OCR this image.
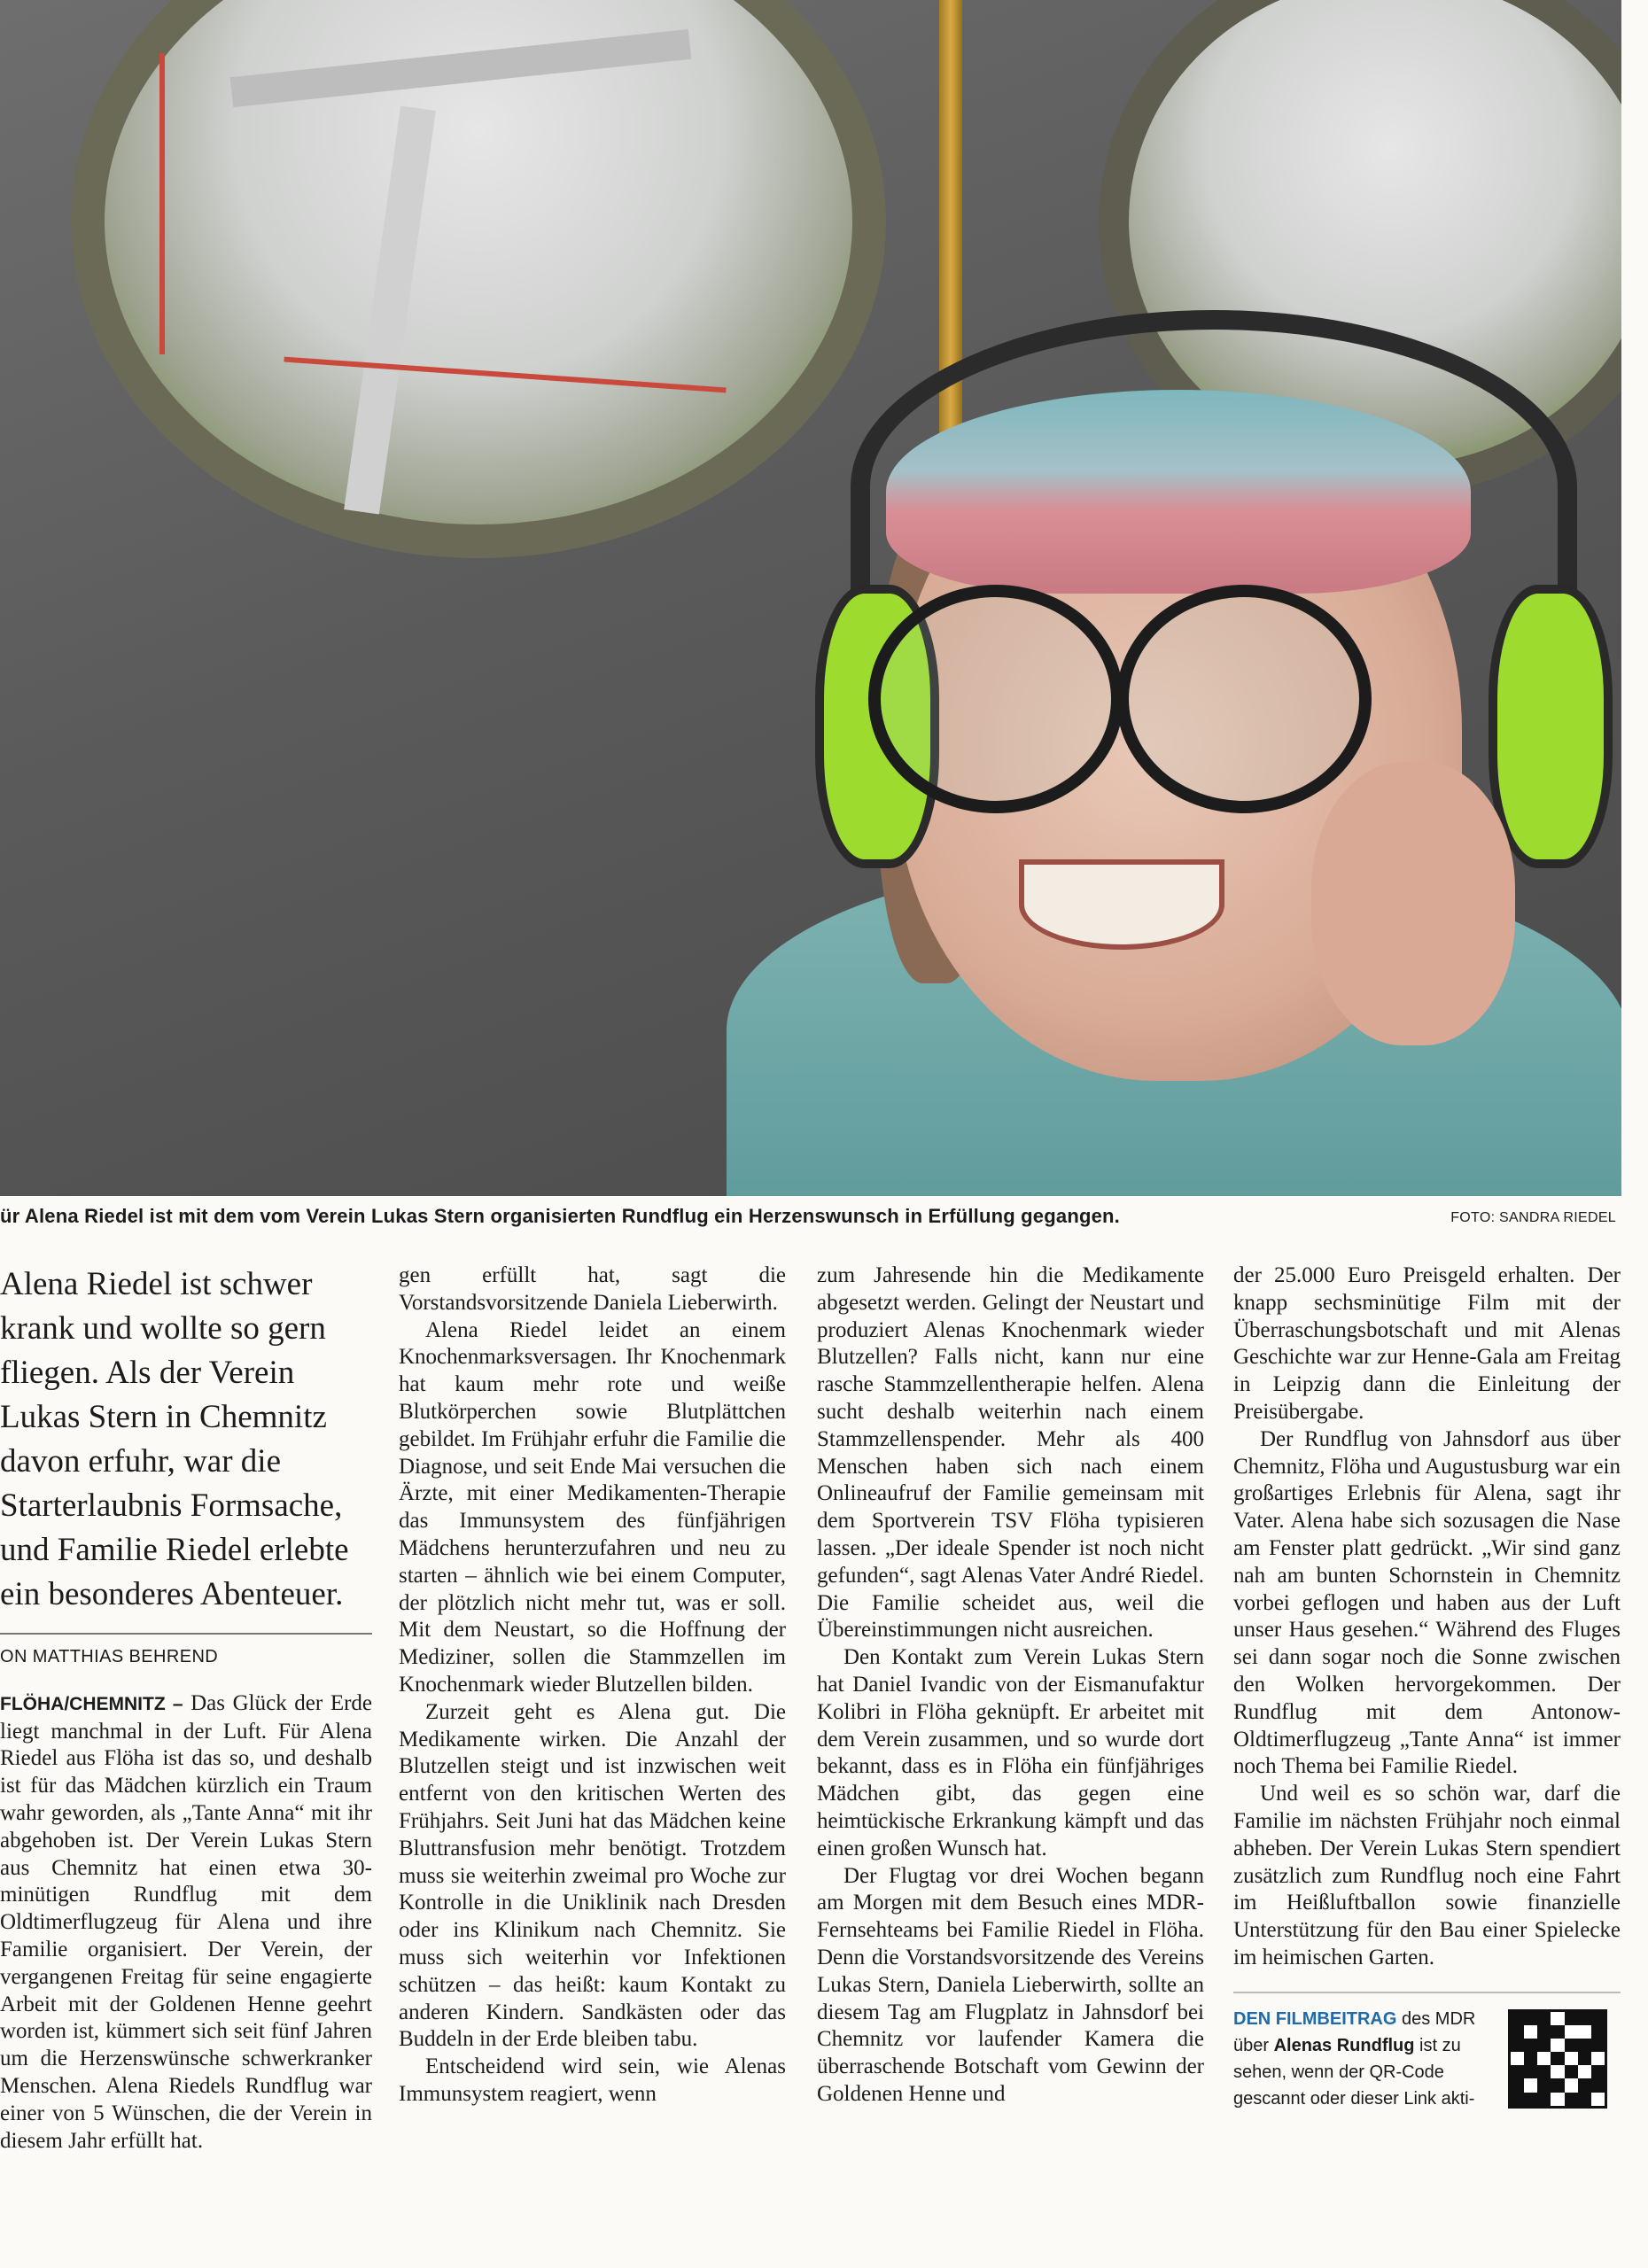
ür Alena Riedel ist mit dem vom Verein Lukas Stern organisierten Rundflug ein Herzenswunsch in Erfüllung gegangen.	FOTO: SANDRA RIEDEL
Alena Riedel ist schwer
krank und wollte so gern
fliegen. Als der Verein
Lukas Stern in Chemnitz
davon erfuhr, war die
Starterlaubnis Formsache,
und Familie Riedel erlebte
ein besonderes Abenteuer.
ON MATTHIAS BEHREND

FLÖHA/CHEMNITZ – Das Glück der Erde liegt manchmal in der Luft. Für Alena Riedel aus Flöha ist das so, und deshalb ist für das Mädchen kürzlich ein Traum wahr geworden, als „Tante Anna“ mit ihr abgehoben ist. Der Verein Lukas Stern aus Chemnitz hat einen etwa 30-minütigen Rundflug mit dem Oldtimerflugzeug für Alena und ihre Familie organisiert. Der Verein, der vergangenen Freitag für seine engagierte Arbeit mit der Goldenen Henne geehrt worden ist, kümmert sich seit fünf Jahren um die Herzenswünsche schwerkranker Menschen. Alena Riedels Rundflug war einer von 5 Wünschen, die der Verein in diesem Jahr erfüllt hat.

gen erfüllt hat, sagt die Vorstandsvorsitzende Daniela Lieberwirth.

Alena Riedel leidet an einem Knochenmarksversagen. Ihr Knochenmark hat kaum mehr rote und weiße Blutkörperchen sowie Blutplättchen gebildet. Im Frühjahr erfuhr die Familie die Diagnose, und seit Ende Mai versuchen die Ärzte, mit einer Medikamenten-Therapie das Immunsystem des fünfjährigen Mädchens herunterzufahren und neu zu starten – ähnlich wie bei einem Computer, der plötzlich nicht mehr tut, was er soll. Mit dem Neustart, so die Hoffnung der Mediziner, sollen die Stammzellen im Knochenmark wieder Blutzellen bilden.

Zurzeit geht es Alena gut. Die Medikamente wirken. Die Anzahl der Blutzellen steigt und ist inzwischen weit entfernt von den kritischen Werten des Frühjahrs. Seit Juni hat das Mädchen keine Bluttransfusion mehr benötigt. Trotzdem muss sie weiterhin zweimal pro Woche zur Kontrolle in die Uniklinik nach Dresden oder ins Klinikum nach Chemnitz. Sie muss sich weiterhin vor Infektionen schützen – das heißt: kaum Kontakt zu anderen Kindern. Sandkästen oder das Buddeln in der Erde bleiben tabu.

Entscheidend wird sein, wie Alenas Immunsystem reagiert, wenn

zum Jahresende hin die Medikamente abgesetzt werden. Gelingt der Neustart und produziert Alenas Knochenmark wieder Blutzellen? Falls nicht, kann nur eine rasche Stammzellentherapie helfen. Alena sucht deshalb weiterhin nach einem Stammzellenspender. Mehr als 400 Menschen haben sich nach einem Onlineaufruf der Familie gemeinsam mit dem Sportverein TSV Flöha typisieren lassen. „Der ideale Spender ist noch nicht gefunden“, sagt Alenas Vater André Riedel. Die Familie scheidet aus, weil die Übereinstimmungen nicht ausreichen.

Den Kontakt zum Verein Lukas Stern hat Daniel Ivandic von der Eismanufaktur Kolibri in Flöha geknüpft. Er arbeitet mit dem Verein zusammen, und so wurde dort bekannt, dass es in Flöha ein fünfjähriges Mädchen gibt, das gegen eine heimtückische Erkrankung kämpft und das einen großen Wunsch hat.

Der Flugtag vor drei Wochen begann am Morgen mit dem Besuch eines MDR-Fernsehteams bei Familie Riedel in Flöha. Denn die Vorstandsvorsitzende des Vereins Lukas Stern, Daniela Lieberwirth, sollte an diesem Tag am Flugplatz in Jahnsdorf bei Chemnitz vor laufender Kamera die überraschende Botschaft vom Gewinn der Goldenen Henne und

der 25.000 Euro Preisgeld erhalten. Der knapp sechsminütige Film mit der Überraschungsbotschaft und mit Alenas Geschichte war zur Henne-Gala am Freitag in Leipzig dann die Einleitung der Preisübergabe.

Der Rundflug von Jahnsdorf aus über Chemnitz, Flöha und Augustusburg war ein großartiges Erlebnis für Alena, sagt ihr Vater. Alena habe sich sozusagen die Nase am Fenster platt gedrückt. „Wir sind ganz nah am bunten Schornstein in Chemnitz vorbei geflogen und haben aus der Luft unser Haus gesehen.“ Während des Fluges sei dann sogar noch die Sonne zwischen den Wolken hervorgekommen. Der Rundflug mit dem Antonow-Oldtimerflugzeug „Tante Anna“ ist immer noch Thema bei Familie Riedel.

Und weil es so schön war, darf die Familie im nächsten Frühjahr noch einmal abheben. Der Verein Lukas Stern spendiert zusätzlich zum Rundflug noch eine Fahrt im Heißluftballon sowie finanzielle Unterstützung für den Bau einer Spielecke im heimischen Garten.

DEN FILMBEITRAG des MDR über Alenas Rundflug ist zu sehen, wenn der QR-Code gescannt oder dieser Link akti-
